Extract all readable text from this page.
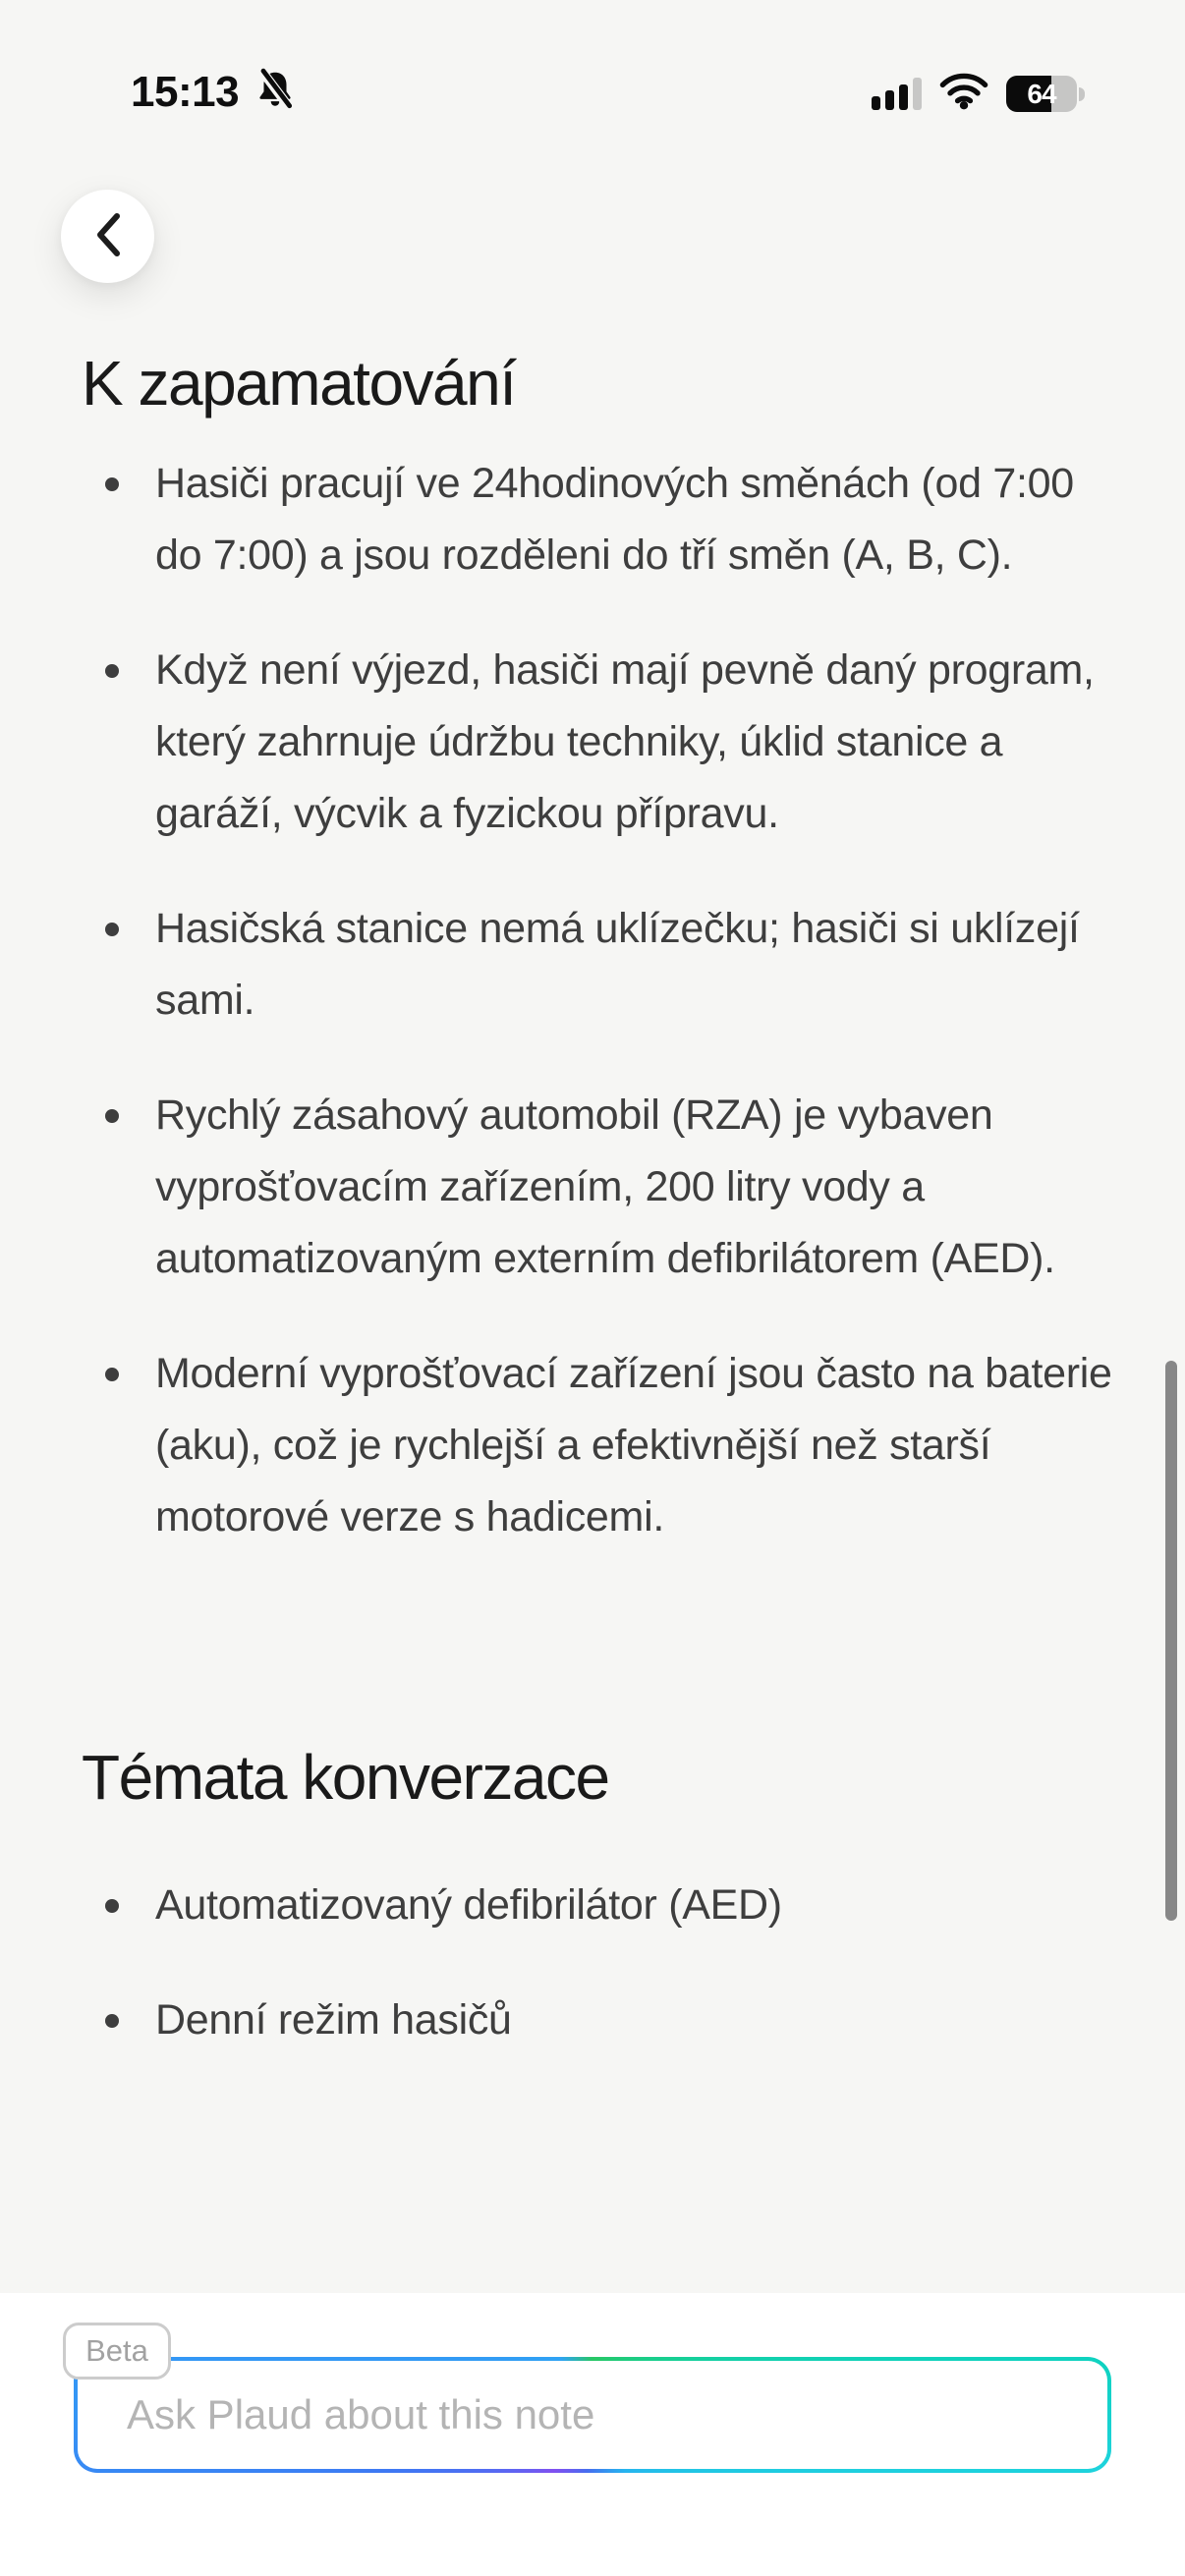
15:13	64
K zapamatování
Hasiči pracují ve 24hodinových směnách (od 7:00 do 7:00) a jsou rozděleni do tří směn (A, B, C).
Když není výjezd, hasiči mají pevně daný program, který zahrnuje údržbu techniky, úklid stanice a garáží, výcvik a fyzickou přípravu.
Hasičská stanice nemá uklízečku; hasiči si uklízejí sami.
Rychlý zásahový automobil (RZA) je vybaven vyprošťovacím zařízením, 200 litry vody a automatizovaným externím defibrilátorem (AED).
Moderní vyprošťovací zařízení jsou často na baterie (aku), což je rychlejší a efektivnější než starší motorové verze s hadicemi.
Témata konverzace
Automatizovaný defibrilátor (AED)
Denní režim hasičů
Beta
Ask Plaud about this note
